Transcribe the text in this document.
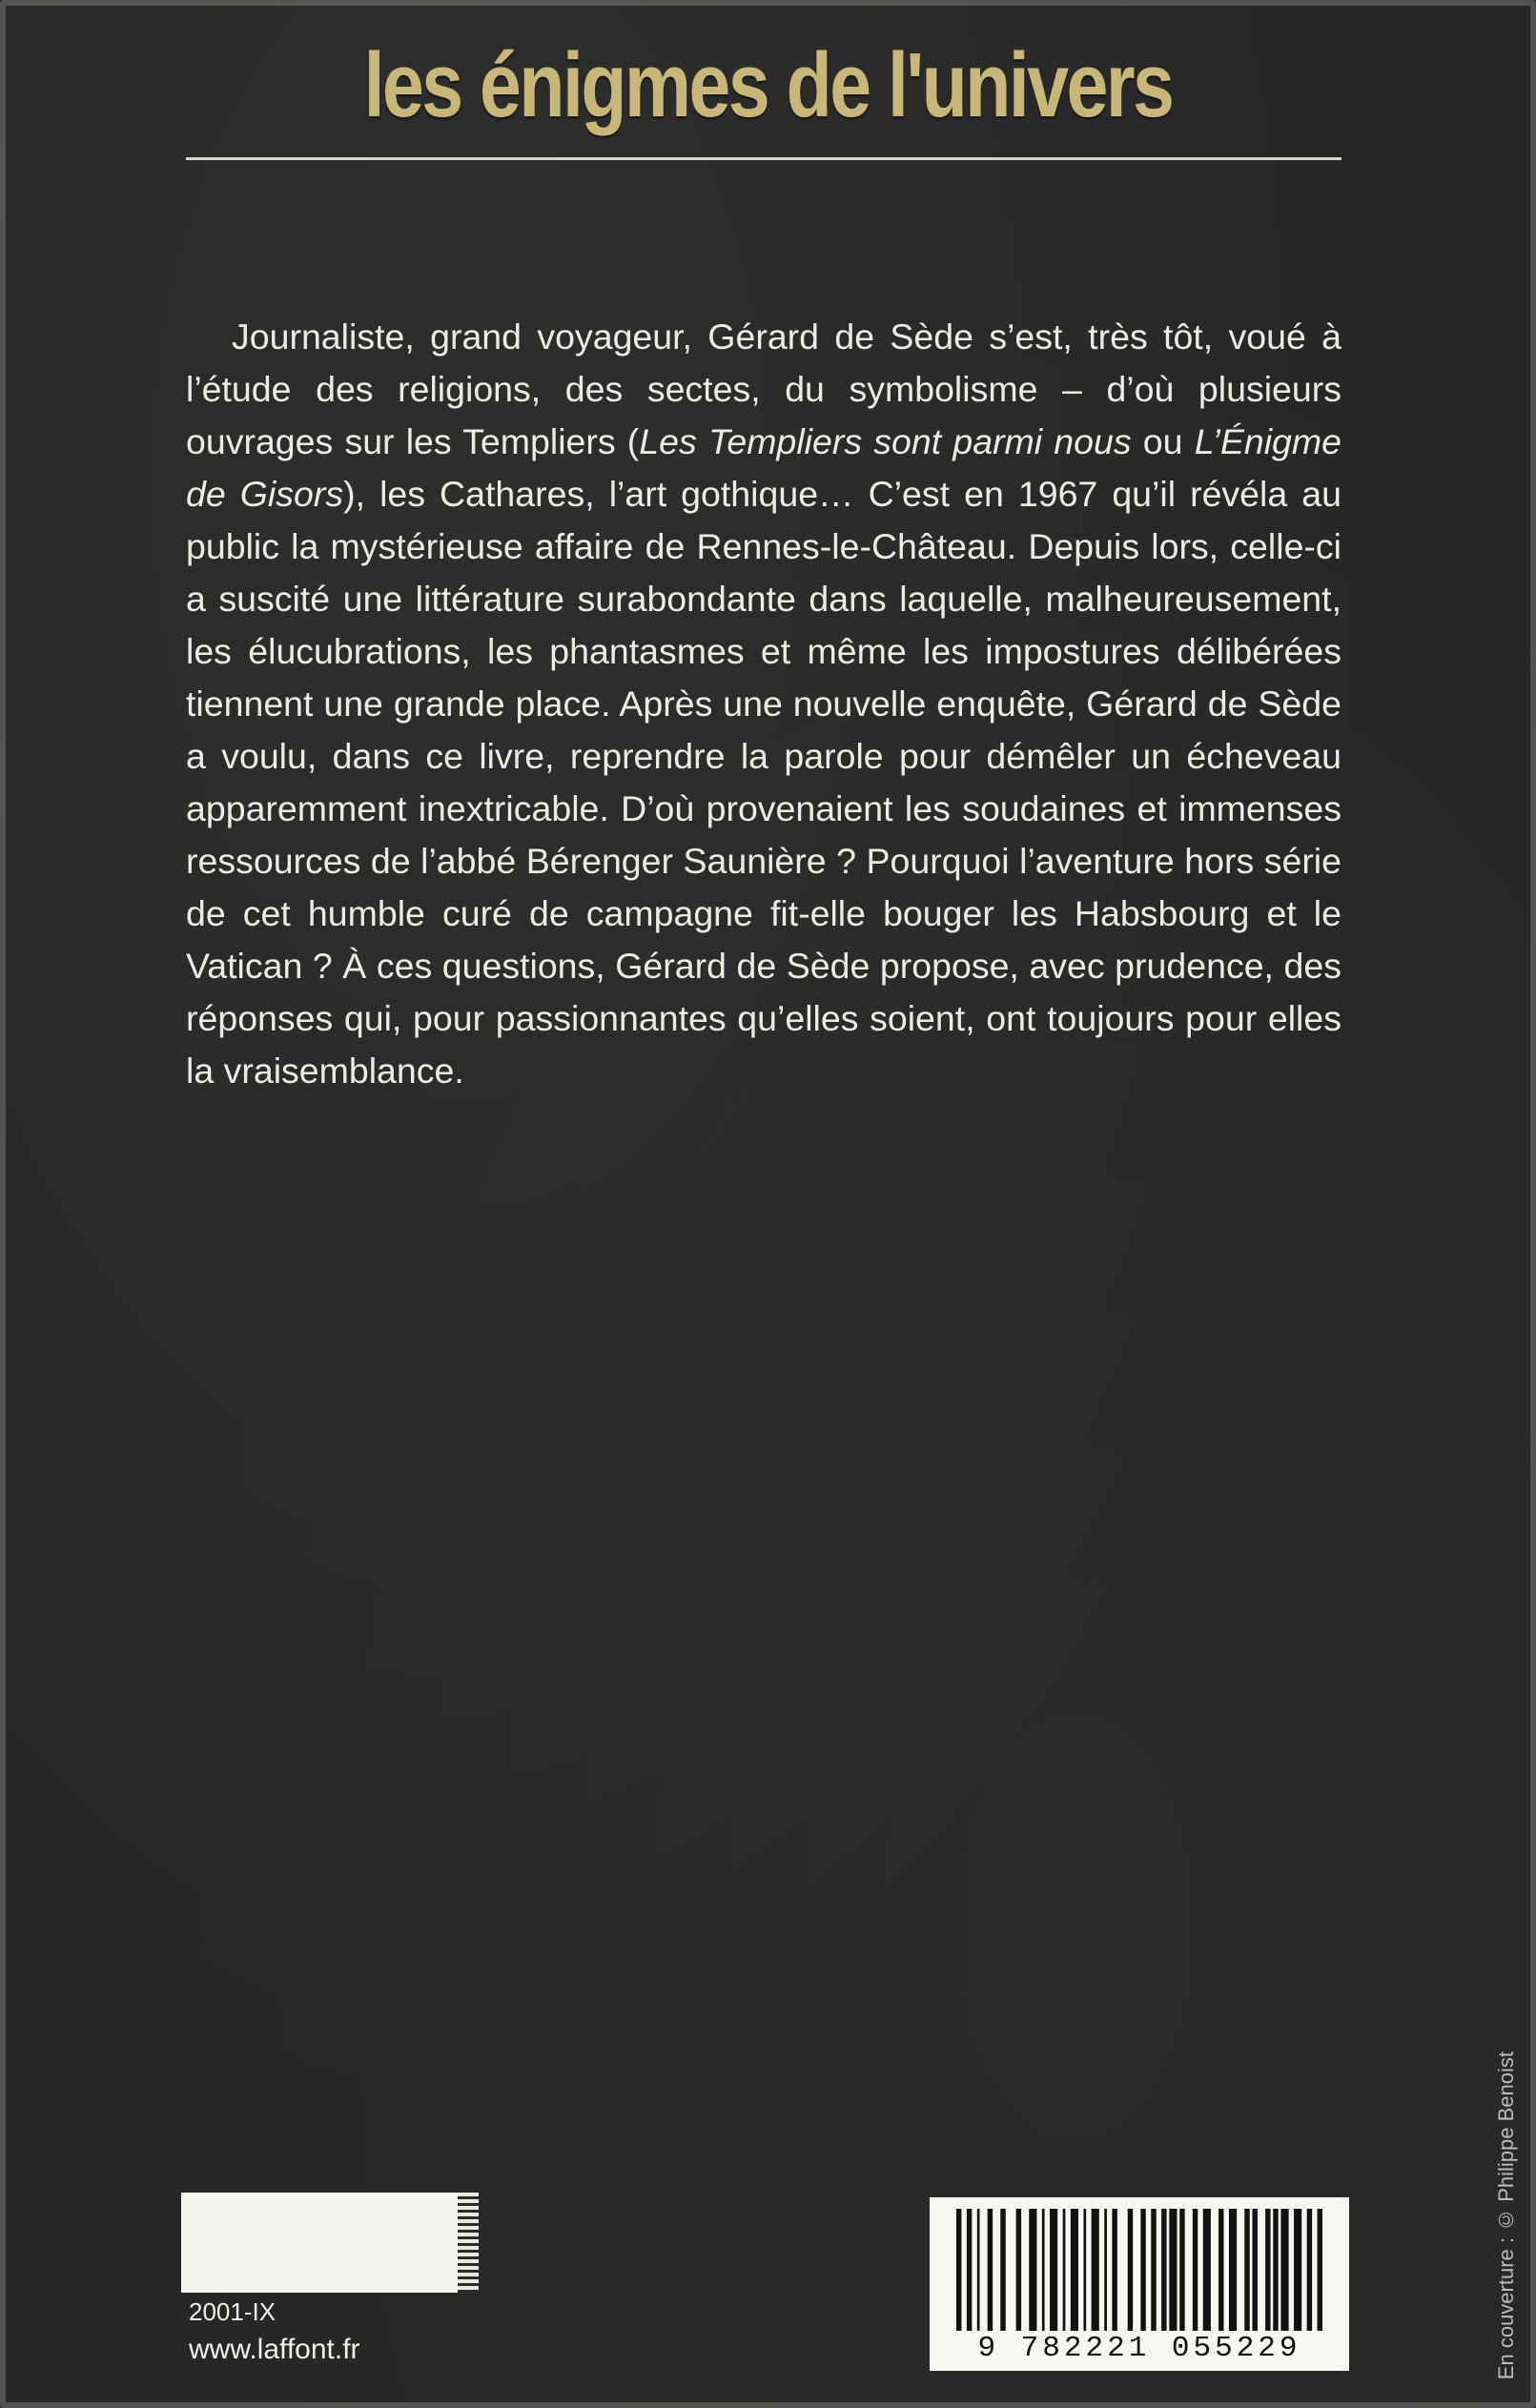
les énigmes de l'univers

Journaliste, grand voyageur, Gérard de Sède s’est, très tôt, voué à l’étude des religions, des sectes, du symbolisme – d’où plusieurs ouvrages sur les Templiers (Les Templiers sont parmi nous ou L’Énigme de Gisors), les Cathares, l’art gothique… C’est en 1967 qu’il révéla au public la mystérieuse affaire de Rennes-le-Château. Depuis lors, celle-ci a suscité une littérature surabondante dans laquelle, malheureusement, les élucubrations, les phantasmes et même les impostures délibérées tiennent une grande place. Après une nouvelle enquête, Gérard de Sède a voulu, dans ce livre, reprendre la parole pour démêler un écheveau apparemment inextricable. D’où provenaient les soudaines et immenses ressources de l’abbé Bérenger Saunière ? Pourquoi l’aventure hors série de cet humble curé de campagne fit-elle bouger les Habsbourg et le Vatican ? À ces questions, Gérard de Sède propose, avec prudence, des réponses qui, pour passionnantes qu’elles soient, ont toujours pour elles la vraisemblance.

En couverture : © Philippe Benoist
2001-IX
www.laffont.fr	9 782221 055229
